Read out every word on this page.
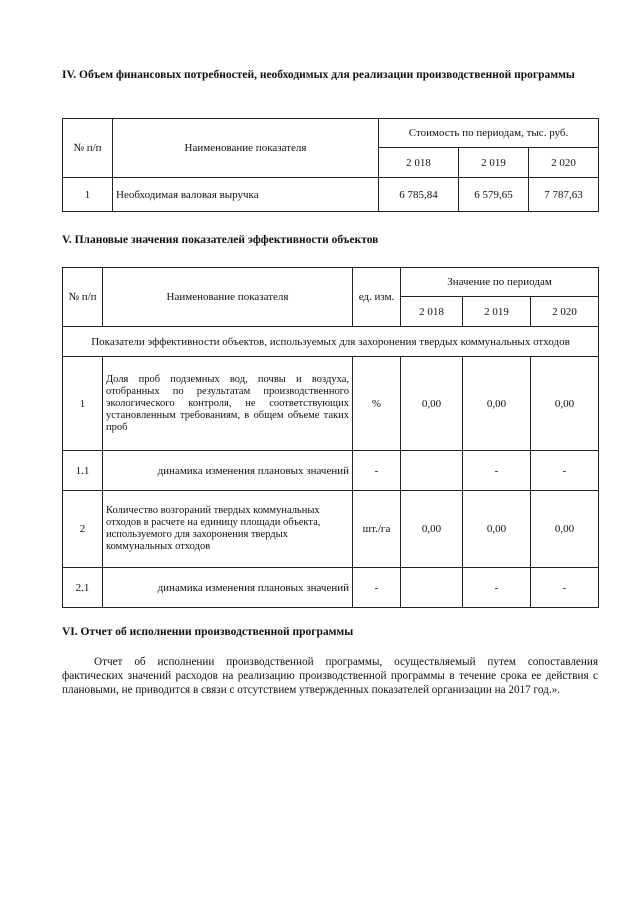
IV. Объем финансовых потребностей, необходимых для реализации производственной программы
№ п/п	Наименование показателя	Стоимость по периодам, тыс. руб.		
		2 018	2 019	2 020
1	Необходимая валовая выручка	6 785,84	6 579,65	7 787,63
V. Плановые значения показателей эффективности объектов
№ п/п	Наименование показателя	ед. изм.	Значение по периодам		
			2 018	2 019	2 020
Показатели эффективности объектов, используемых для захоронения твердых коммунальных отходов					
1	Доля проб подземных вод, почвы и воздуха, отобранных по результатам производственного экологического контроля, не соответствующих установленным требованиям, в общем объеме таких проб	%	0,00	0,00	0,00
1.1	динамика изменения плановых значений	-		-	-
2	Количество возгораний твердых коммунальных отходов в расчете на единицу площади объекта, используемого для захоронения твердых коммунальных отходов	шт./га	0,00	0,00	0,00
2.1	динамика изменения плановых значений	-		-	-
VI. Отчет об исполнении производственной программы
Отчет об исполнении производственной программы, осуществляемый путем сопоставления фактических значений расходов на реализацию производственной программы в течение срока ее действия с плановыми, не приводится в связи с отсутствием утвержденных показателей организации на 2017 год.».
